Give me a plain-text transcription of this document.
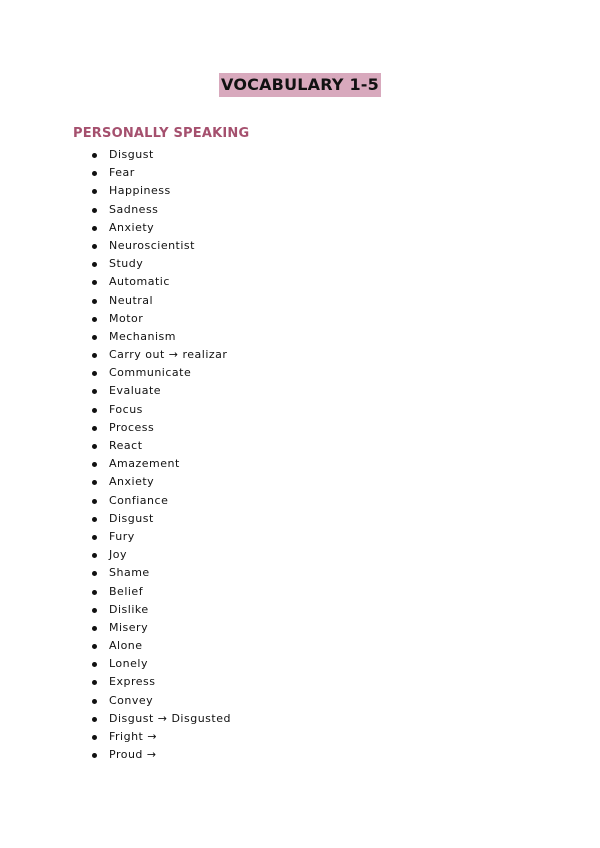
VOCABULARY 1-5
PERSONALLY SPEAKING
Disgust
Fear
Happiness
Sadness
Anxiety
Neuroscientist
Study
Automatic
Neutral
Motor
Mechanism
Carry out → realizar
Communicate
Evaluate
Focus
Process
React
Amazement
Anxiety
Confiance
Disgust
Fury
Joy
Shame
Belief
Dislike
Misery
Alone
Lonely
Express
Convey
Disgust → Disgusted
Fright →
Proud →
